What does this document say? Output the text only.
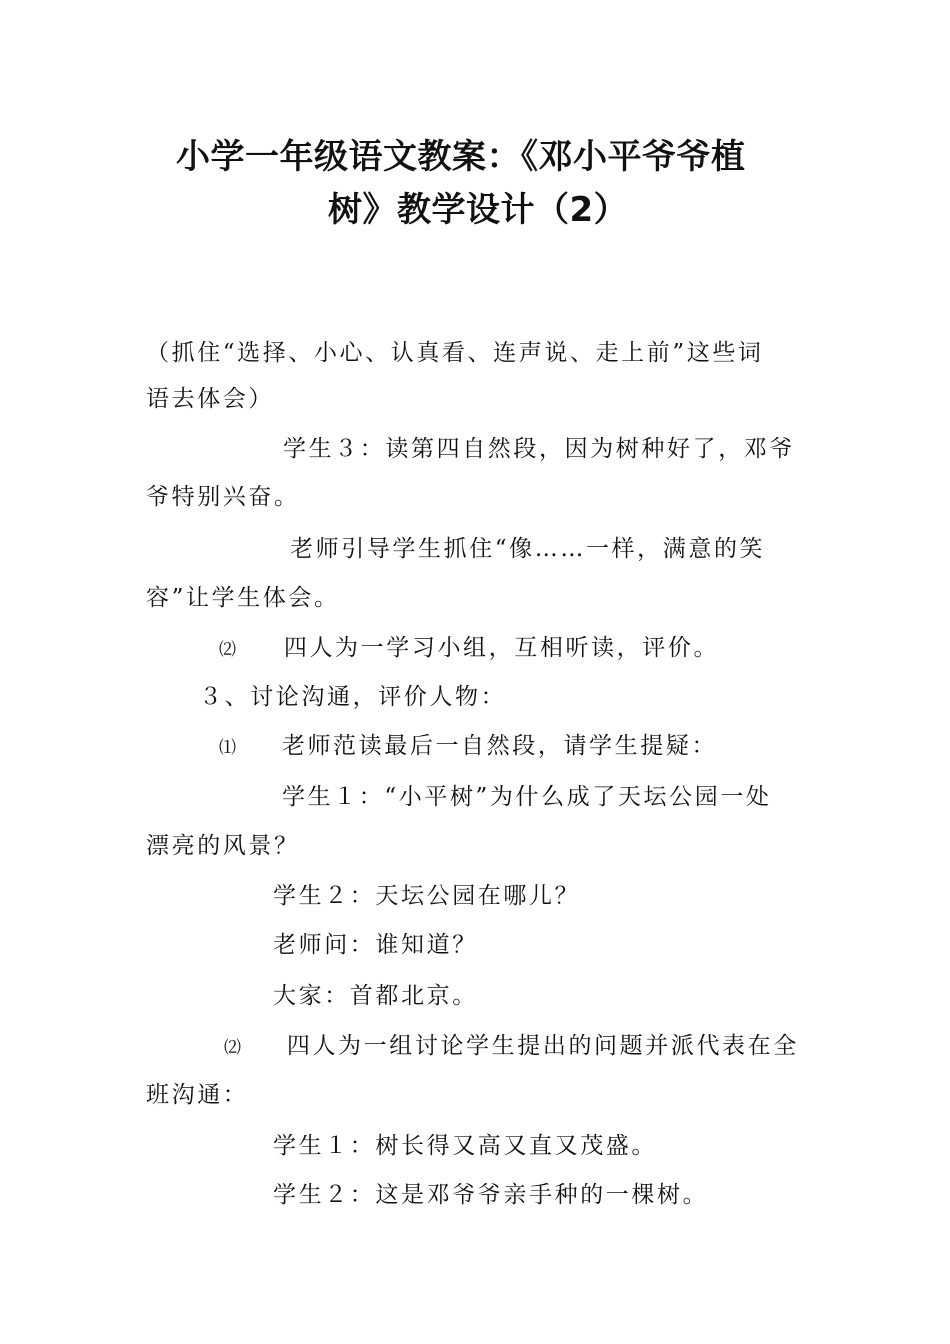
小学一年级语文教案：《邓小平爷爷植
树》教学设计（2）
（抓住“选择、小心、认真看、连声说、走上前”这些词
语去体会）
学生３：读第四自然段，因为树种好了，邓爷
爷特别兴奋。
老师引导学生抓住“像……一样，满意的笑
容”让学生体会。
⑵ 四人为一学习小组，互相听读，评价。
３、讨论沟通，评价人物：
⑴ 老师范读最后一自然段，请学生提疑：
学生１：“小平树”为什么成了天坛公园一处
漂亮的风景？
学生２：天坛公园在哪儿？
老师问：谁知道？
大家：首都北京。
⑵ 四人为一组讨论学生提出的问题并派代表在全
班沟通：
学生１：树长得又高又直又茂盛。
学生２：这是邓爷爷亲手种的一棵树。
